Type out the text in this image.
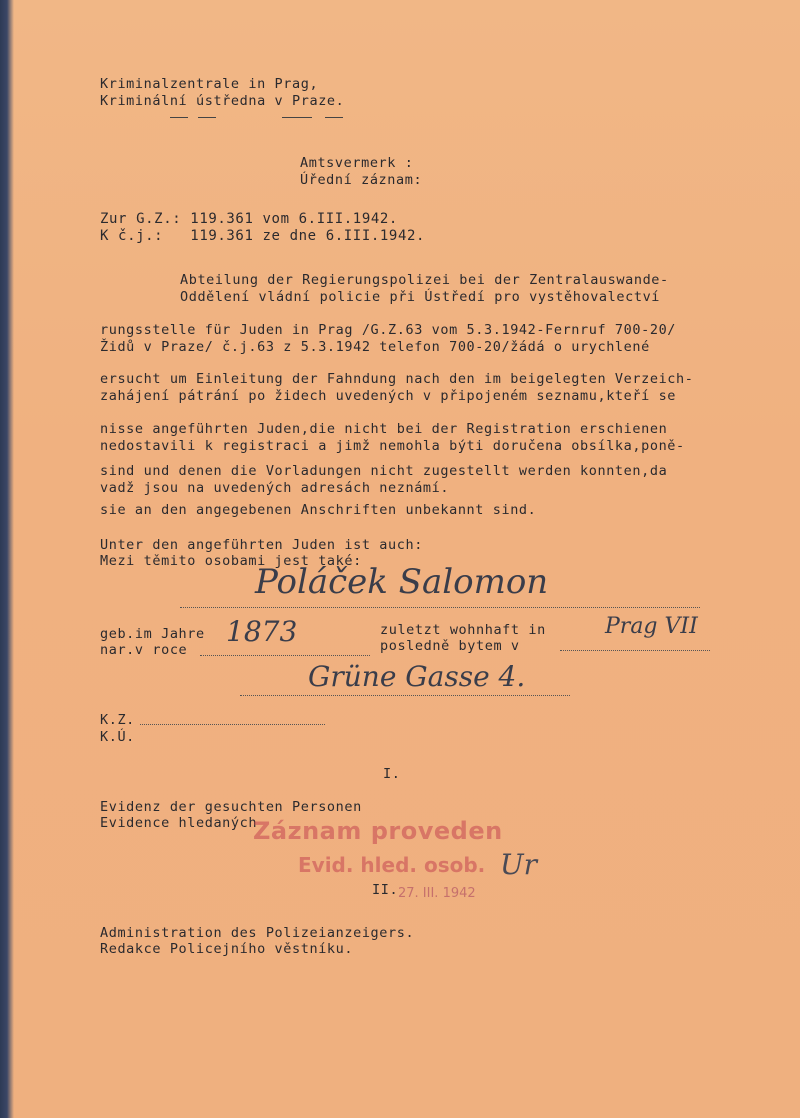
Kriminalzentrale in Prag,
Kriminální ústředna v Praze.
Amtsvermerk :
Úřední záznam:
Zur G.Z.: 119.361 vom 6.III.1942.
K č.j.:   119.361 ze dne 6.III.1942.
Abteilung der Regierungspolizei bei der Zentralauswande-
Oddělení vládní policie při Ústředí pro vystěhovalectví
rungsstelle für Juden in Prag /G.Z.63 vom 5.3.1942-Fernruf 700-20/
Židů v Praze/ č.j.63 z 5.3.1942 telefon 700-20/žádá o urychlené
ersucht um Einleitung der Fahndung nach den im beigelegten Verzeich-
zahájení pátrání po židech uvedených v připojeném seznamu,kteří se
nisse angeführten Juden,die nicht bei der Registration erschienen
nedostavili k registraci a jimž nemohla býti doručena obsílka,poně-
sind und denen die Vorladungen nicht zugestellt werden konnten,da
vadž jsou na uvedených adresách neznámí.
sie an den angegebenen Anschriften unbekannt sind.
Unter den angeführten Juden ist auch:
Mezi těmito osobami jest také:
Poláček Salomon
geb.im Jahre
nar.v roce
1873	zuletzt wohnhaft in
posledně bytem v
Prag VII
Grüne Gasse 4.
K.Z.
K.Ú.
I.
Evidenz der gesuchten Personen
Evidence hledaných
Záznam proveden
Evid. hled. osob.
27. III. 1942
Ur
II.
Administration des Polizeianzeigers.
Redakce Policejního věstníku.
